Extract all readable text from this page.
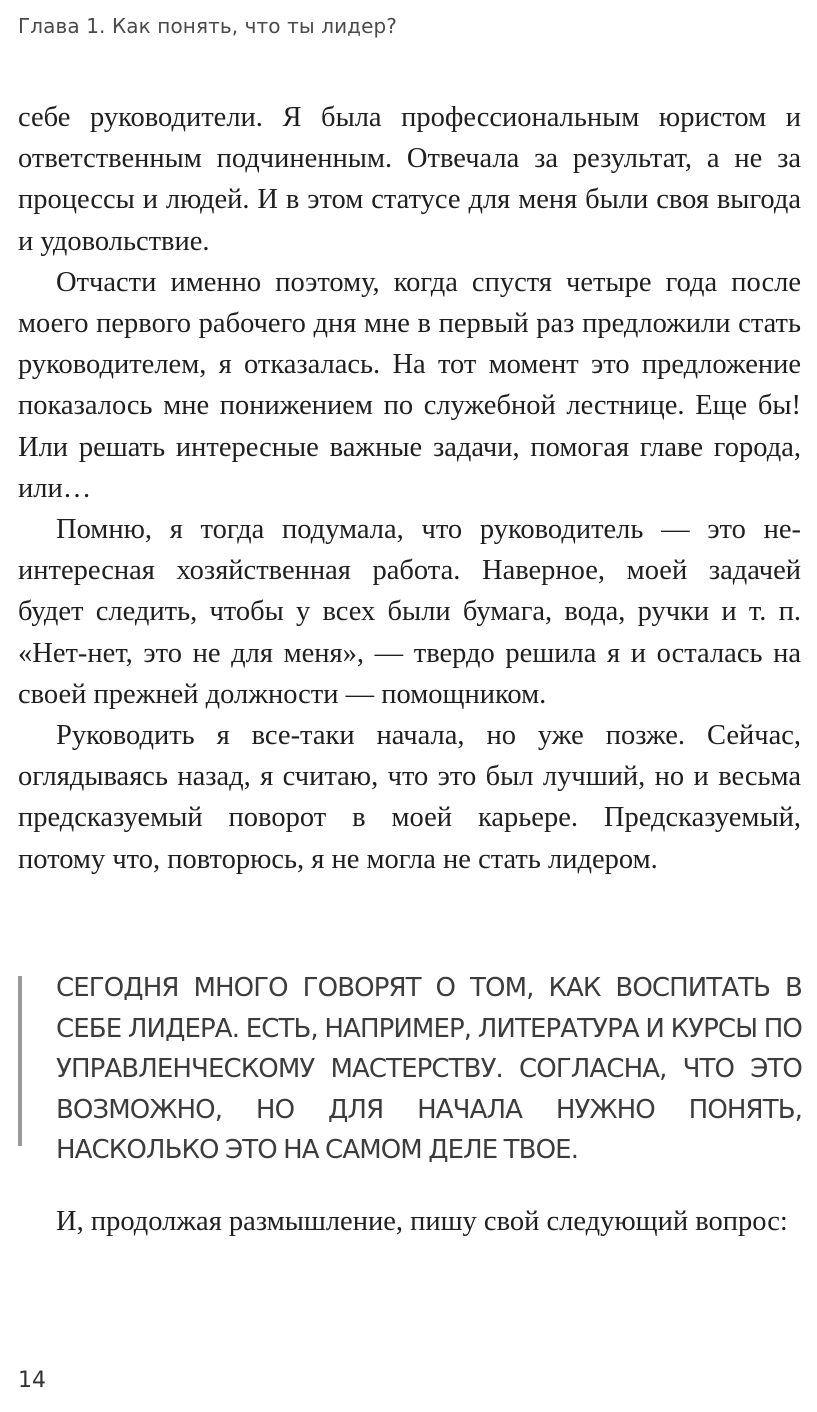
Глава 1. Как понять, что ты лидер?

себе руководители. Я была профессиональным юристом и ответственным подчиненным. Отвечала за результат, а не за процессы и людей. И в этом статусе для меня были своя выгода и удовольствие.

Отчасти именно поэтому, когда спустя четыре года после моего первого рабочего дня мне в первый раз предложили стать руководителем, я отказалась. На тот момент это предложение показалось мне понижением по служебной лестнице. Еще бы! Или решать интересные важные задачи, помогая главе города, или…

Помню, я тогда подумала, что руководитель — это неинтересная хозяйственная работа. Наверное, моей задачей будет следить, чтобы у всех были бумага, вода, ручки и т. п. «Нет-нет, это не для меня», — твердо решила я и осталась на своей прежней должности — помощником.

Руководить я все-таки начала, но уже позже. Сейчас, оглядываясь назад, я считаю, что это был лучший, но и весьма предсказуемый поворот в моей карьере. Предсказуемый, потому что, повторюсь, я не могла не стать лидером.

СЕГОДНЯ МНОГО ГОВОРЯТ О ТОМ, КАК ВОСПИТАТЬ В СЕБЕ ЛИДЕРА. ЕСТЬ, НАПРИМЕР, ЛИТЕРАТУРА И КУРСЫ ПО УПРАВЛЕНЧЕСКОМУ МАСТЕРСТВУ. СОГЛАСНА, ЧТО ЭТО ВОЗМОЖНО, НО ДЛЯ НАЧАЛА НУЖНО ПОНЯТЬ, НАСКОЛЬКО ЭТО НА САМОМ ДЕЛЕ ТВОЕ.

И, продолжая размышление, пишу свой следующий вопрос:

14
